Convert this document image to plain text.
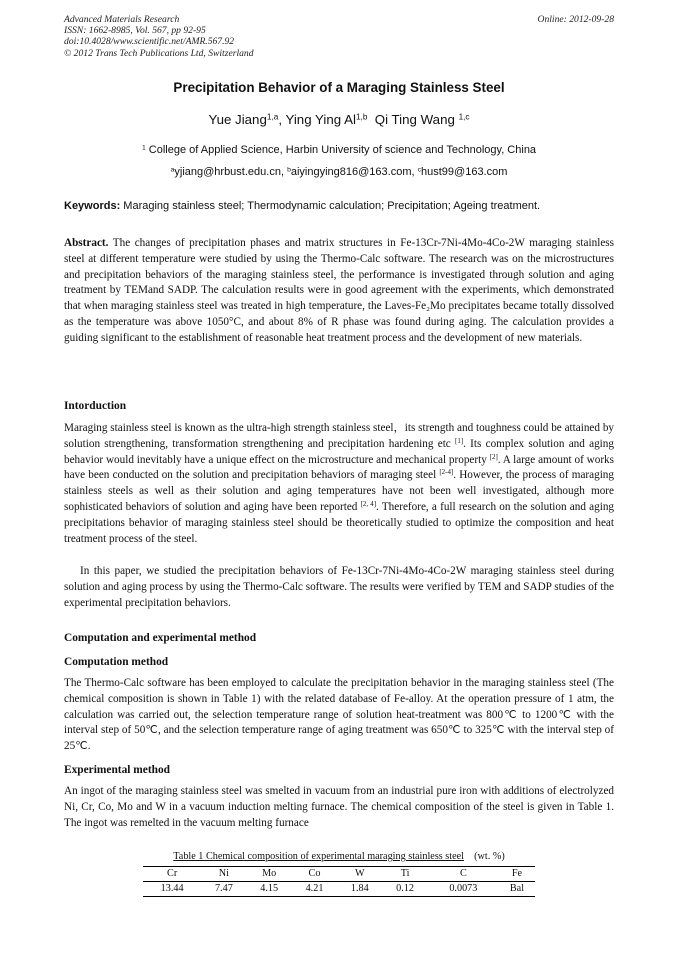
Advanced Materials Research
ISSN: 1662-8985, Vol. 567, pp 92-95
doi:10.4028/www.scientific.net/AMR.567.92
© 2012 Trans Tech Publications Ltd, Switzerland
Online: 2012-09-28
Precipitation Behavior of a Maraging Stainless Steel
Yue Jiang$^{1,a}$, Ying Ying Al$^{1,b}$ Qi Ting Wang $^{1,c}$
$^1$ College of Applied Science, Harbin University of science and Technology, China
$^a$yjiang@hrbust.edu.cn, $^b$aiyingying816@163.com, $^c$hust99@163.com
Keywords: Maraging stainless steel; Thermodynamic calculation; Precipitation; Ageing treatment.
Abstract. The changes of precipitation phases and matrix structures in Fe-13Cr-7Ni-4Mo-4Co-2W maraging stainless steel at different temperature were studied by using the Thermo-Calc software. The research was on the microstructures and precipitation behaviors of the maraging stainless steel, the performance is investigated through solution and aging treatment by TEMand SADP. The calculation results were in good agreement with the experiments, which demonstrated that when maraging stainless steel was treated in high temperature, the Laves-Fe₂Mo precipitates became totally dissolved as the temperature was above 1050°C, and about 8% of R phase was found during aging. The calculation provides a guiding significant to the establishment of reasonable heat treatment process and the development of new materials.
Intorduction
Maraging stainless steel is known as the ultra-high strength stainless steel，its strength and toughness could be attained by solution strengthening, transformation strengthening and precipitation hardening etc [1]. Its complex solution and aging behavior would inevitably have a unique effect on the microstructure and mechanical property [2]. A large amount of works have been conducted on the solution and precipitation behaviors of maraging steel [2-4]. However, the process of maraging stainless steels as well as their solution and aging temperatures have not been well investigated, although more sophisticated behaviors of solution and aging have been reported [2, 4]. Therefore, a full research on the solution and aging precipitations behavior of maraging stainless steel should be theoretically studied to optimize the composition and heat treatment process of the steel.
In this paper, we studied the precipitation behaviors of Fe-13Cr-7Ni-4Mo-4Co-2W maraging stainless steel during solution and aging process by using the Thermo-Calc software. The results were verified by TEM and SADP studies of the experimental precipitation behaviors.
Computation and experimental method
Computation method
The Thermo-Calc software has been employed to calculate the precipitation behavior in the maraging stainless steel (The chemical composition is shown in Table 1) with the related database of Fe-alloy. At the operation pressure of 1 atm, the calculation was carried out, the selection temperature range of solution heat-treatment was 800℃ to 1200℃ with the interval step of 50℃, and the selection temperature range of aging treatment was 650℃ to 325℃ with the interval step of 25℃.
Experimental method
An ingot of the maraging stainless steel was smelted in vacuum from an industrial pure iron with additions of electrolyzed Ni, Cr, Co, Mo and W in a vacuum induction melting furnace. The chemical composition of the steel is given in Table 1. The ingot was remelted in the vacuum melting furnace
Table 1 Chemical composition of experimental maraging stainless steel (wt. %)
Cr	Ni	Mo	Co	W	Ti	C	Fe
13.44	7.47	4.15	4.21	1.84	0.12	0.0073	Bal
